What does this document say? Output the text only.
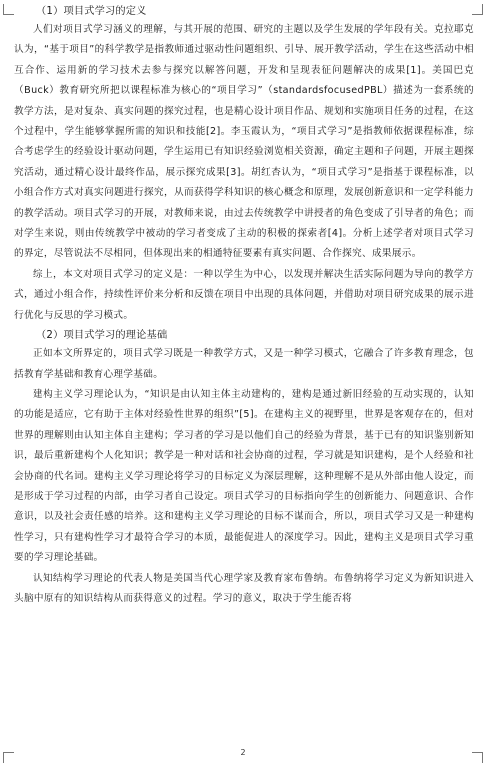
（1）项目式学习的定义

人们对项目式学习涵义的理解，与其开展的范围、研究的主题以及学生发展的学年段有关。克拉耶克认为，“基于项目”的科学教学是指教师通过驱动性问题组织、引导、展开教学活动，学生在这些活动中相互合作、运用新的学习技术去参与探究以解答问题，开发和呈现表征问题解决的成果[1]。美国巴克（Buck）教育研究所把以课程标准为核心的“项目学习”（standardsfocusedPBL）描述为一套系统的教学方法，是对复杂、真实问题的探究过程，也是精心设计项目作品、规划和实施项目任务的过程，在这个过程中，学生能够掌握所需的知识和技能[2]。李玉霞认为，“项目式学习”是指教师依据课程标准，综合考虑学生的经验设计驱动问题，学生运用已有知识经验浏览相关资源，确定主题和子问题，开展主题探究活动，通过精心设计最终作品，展示探究成果[3]。胡红杏认为，“项目式学习”是指基于课程标准，以小组合作方式对真实问题进行探究，从而获得学科知识的核心概念和原理，发展创新意识和一定学科能力的教学活动。项目式学习的开展，对教师来说，由过去传统教学中讲授者的角色变成了引导者的角色；而对学生来说，则由传统教学中被动的学习者变成了主动的积极的探索者[4]。分析上述学者对项目式学习的界定，尽管说法不尽相同，但体现出来的相通特征要素有真实问题、合作探究、成果展示。

综上，本文对项目式学习的定义是：一种以学生为中心，以发现并解决生活实际问题为导向的教学方式，通过小组合作，持续性评价来分析和反馈在项目中出现的具体问题，并借助对项目研究成果的展示进行优化与反思的学习模式。

（2）项目式学习的理论基础

正如本文所界定的，项目式学习既是一种教学方式，又是一种学习模式，它融合了许多教育理念，包括教育学基础和教育心理学基础。

建构主义学习理论认为，“知识是由认知主体主动建构的，建构是通过新旧经验的互动实现的，认知的功能是适应，它有助于主体对经验性世界的组织”[5]。在建构主义的视野里，世界是客观存在的，但对世界的理解则由认知主体自主建构；学习者的学习是以他们自己的经验为背景，基于已有的知识鉴别新知识，最后重新建构个人化知识；教学是一种对话和社会协商的过程，学习就是知识建构，是个人经验和社会协商的代名词。建构主义学习理论将学习的目标定义为深层理解，这种理解不是从外部由他人设定，而是形成于学习过程的内部，由学习者自己设定。项目式学习的目标指向学生的创新能力、问题意识、合作意识，以及社会责任感的培养。这和建构主义学习理论的目标不谋而合，所以，项目式学习又是一种建构性学习，只有建构性学习才最符合学习的本质，最能促进人的深度学习。因此，建构主义是项目式学习重要的学习理论基础。

认知结构学习理论的代表人物是美国当代心理学家及教育家布鲁纳。布鲁纳将学习定义为新知识进入头脑中原有的知识结构从而获得意义的过程。学习的意义，取决于学生能否将

2
